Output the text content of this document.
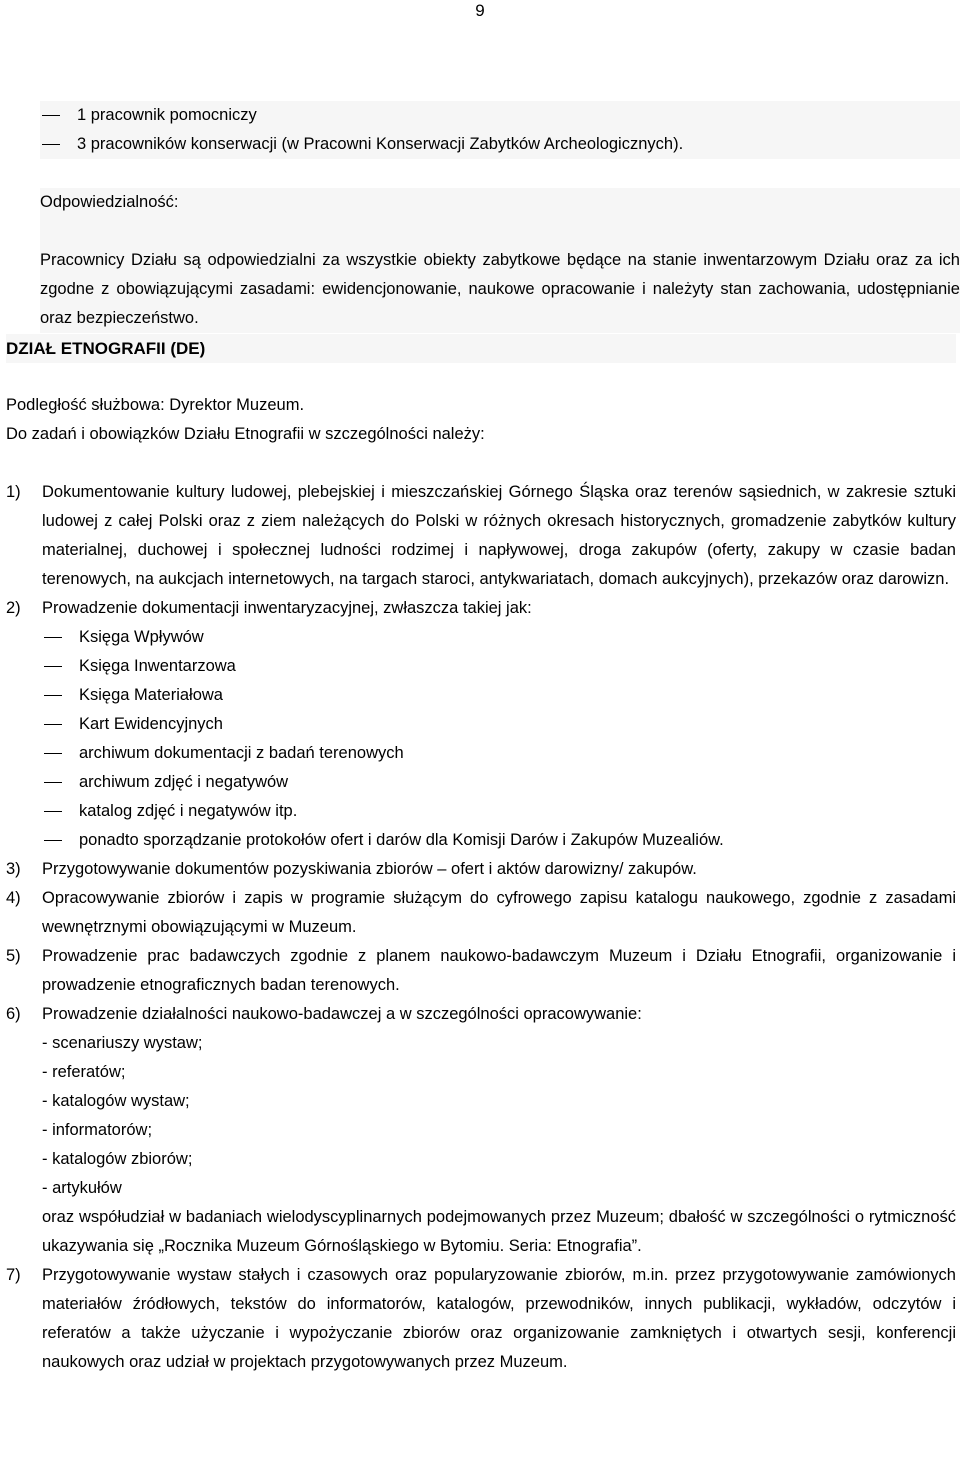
9
1 pracownik pomocniczy
3 pracowników konserwacji (w Pracowni Konserwacji Zabytków Archeologicznych).

Odpowiedzialność:

Pracownicy Działu są odpowiedzialni za wszystkie obiekty zabytkowe będące na stanie inwentarzowym Działu oraz za ich zgodne z obowiązującymi zasadami: ewidencjonowanie, naukowe opracowanie i należyty stan zachowania, udostępnianie oraz bezpieczeństwo.

DZIAŁ ETNOGRAFII (DE)

Podległość służbowa: Dyrektor Muzeum.

Do zadań i obowiązków Działu Etnografii w szczególności należy:

1) Dokumentowanie kultury ludowej, plebejskiej i mieszczańskiej Górnego Śląska oraz terenów sąsiednich, w zakresie sztuki ludowej z całej Polski oraz z ziem należących do Polski w różnych okresach historycznych, gromadzenie zabytków kultury materialnej, duchowej i społecznej ludności rodzimej i napływowej, droga zakupów (oferty, zakupy w czasie badan terenowych, na aukcjach internetowych, na targach staroci, antykwariatach, domach aukcyjnych), przekazów oraz darowizn.
2) Prowadzenie dokumentacji inwentaryzacyjnej, zwłaszcza takiej jak:
Księga Wpływów
Księga Inwentarzowa
Księga Materiałowa
Kart Ewidencyjnych
archiwum dokumentacji z badań terenowych
archiwum zdjęć i negatywów
katalog zdjęć i negatywów itp.
ponadto sporządzanie protokołów ofert i darów dla Komisji Darów i Zakupów Muzealiów.
3) Przygotowywanie dokumentów pozyskiwania zbiorów – ofert i aktów darowizny/ zakupów.
4) Opracowywanie zbiorów i zapis w programie służącym do cyfrowego zapisu katalogu naukowego, zgodnie z zasadami wewnętrznymi obowiązującymi w Muzeum.
5) Prowadzenie prac badawczych zgodnie z planem naukowo-badawczym Muzeum i Działu Etnografii, organizowanie i prowadzenie etnograficznych badan terenowych.
6) Prowadzenie działalności naukowo-badawczej a w szczególności opracowywanie:
- scenariuszy wystaw;
- referatów;
- katalogów wystaw;
- informatorów;
- katalogów zbiorów;
- artykułów
oraz współudział w badaniach wielodyscyplinarnych podejmowanych przez Muzeum; dbałość w szczególności o rytmiczność ukazywania się „Rocznika Muzeum Górnośląskiego w Bytomiu. Seria: Etnografia”.
7) Przygotowywanie wystaw stałych i czasowych oraz popularyzowanie zbiorów, m.in. przez przygotowywanie zamówionych materiałów źródłowych, tekstów do informatorów, katalogów, przewodników, innych publikacji, wykładów, odczytów i referatów a także użyczanie i wypożyczanie zbiorów oraz organizowanie zamkniętych i otwartych sesji, konferencji naukowych oraz udział w projektach przygotowywanych przez Muzeum.
